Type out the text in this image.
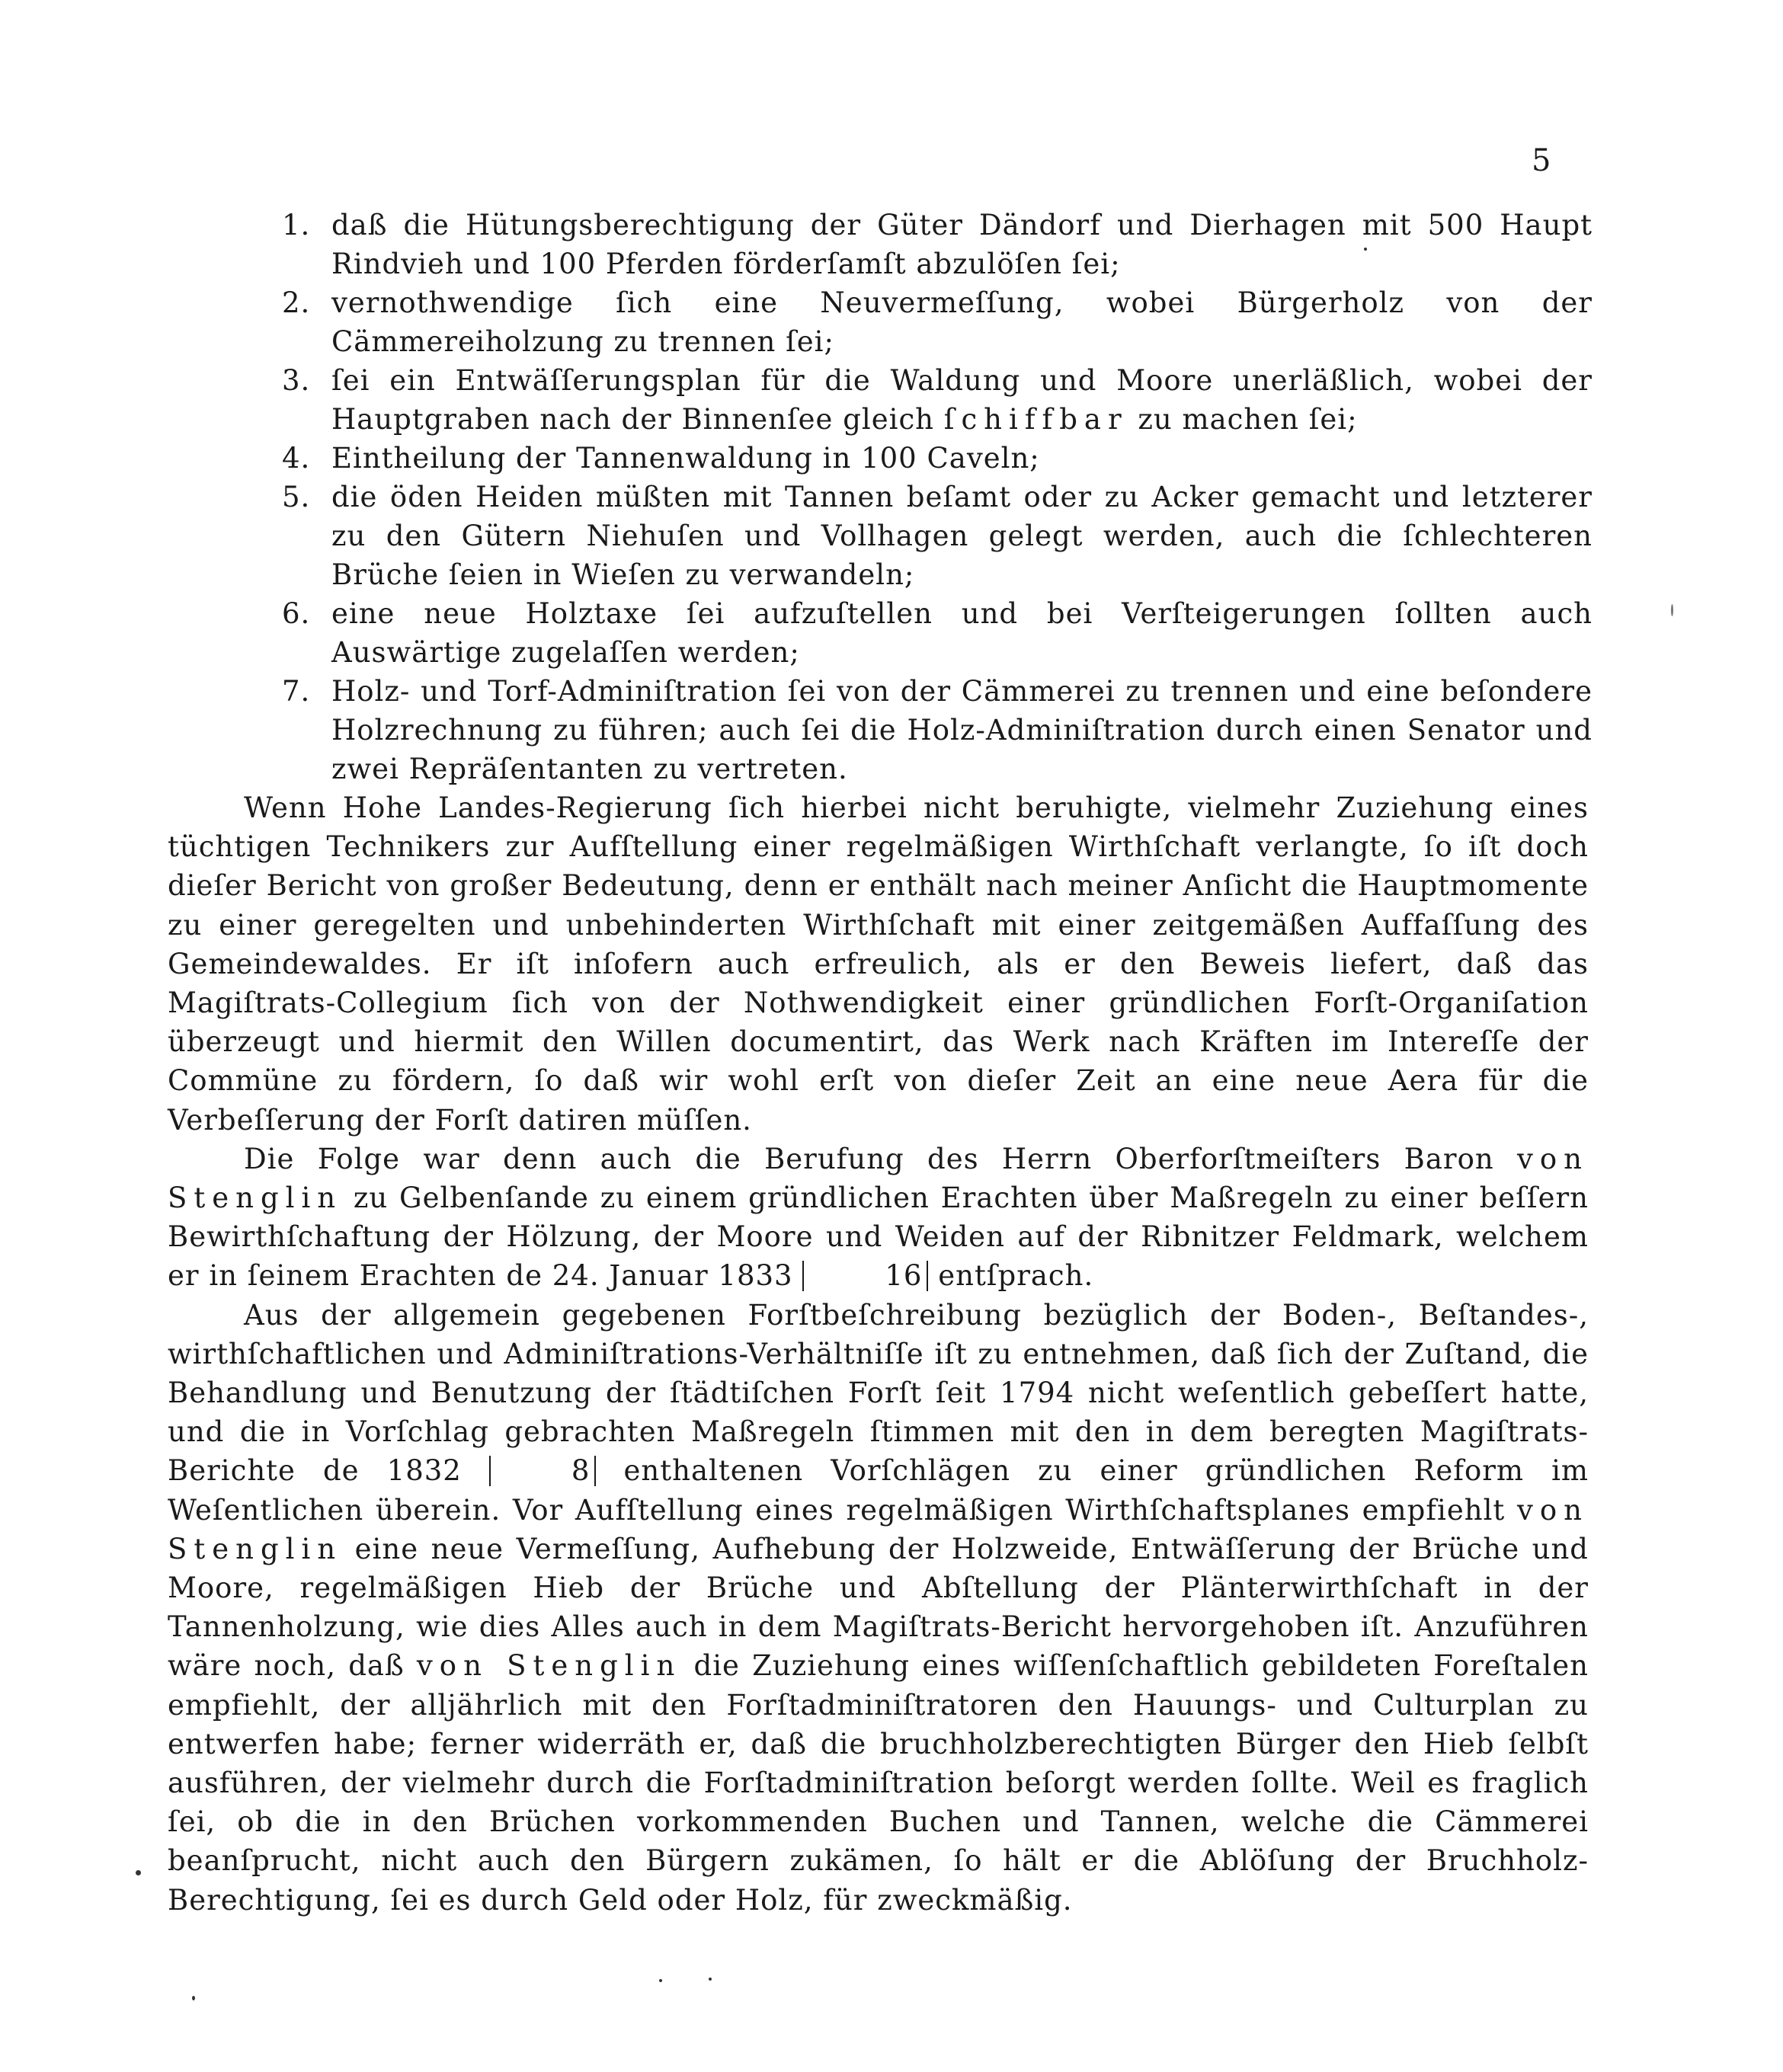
5
1. daß die Hütungsberechtigung der Güter Dändorf und Dierhagen mit 500 Haupt Rindvieh und 100 Pferden förderſamſt abzulöſen ſei;
2. vernothwendige ſich eine Neuvermeſſung, wobei Bürgerholz von der Cämmereiholzung zu trennen ſei;
3. ſei ein Entwäſſerungsplan für die Waldung und Moore unerläßlich, wobei der Hauptgraben nach der Binnenſee gleich ſchiffbar zu machen ſei;
4. Eintheilung der Tannenwaldung in 100 Caveln;
5. die öden Heiden müßten mit Tannen beſamt oder zu Acker gemacht und letzterer zu den Gütern Niehuſen und Vollhagen gelegt werden, auch die ſchlechteren Brüche ſeien in Wieſen zu verwandeln;
6. eine neue Holztaxe ſei aufzuſtellen und bei Verſteigerungen ſollten auch Auswärtige zugelaſſen werden;
7. Holz- und Torf-Adminiſtration ſei von der Cämmerei zu trennen und eine beſondere Holzrechnung zu führen; auch ſei die Holz-Adminiſtration durch einen Senator und zwei Repräſentanten zu vertreten.

Wenn Hohe Landes-Regierung ſich hierbei nicht beruhigte, vielmehr Zuziehung eines tüchtigen Technikers zur Aufſtellung einer regelmäßigen Wirthſchaft verlangte, ſo iſt doch dieſer Bericht von großer Bedeutung, denn er enthält nach meiner Anſicht die Hauptmomente zu einer geregelten und unbehinderten Wirthſchaft mit einer zeitgemäßen Auffaſſung des Gemeindewaldes. Er iſt inſofern auch erfreulich, als er den Beweis liefert, daß das Magiſtrats-Collegium ſich von der Nothwendigkeit einer gründlichen Forſt-Organiſation überzeugt und hiermit den Willen documentirt, das Werk nach Kräften im Intereſſe der Commüne zu fördern, ſo daß wir wohl erſt von dieſer Zeit an eine neue Aera für die Verbeſſerung der Forſt datiren müſſen.

Die Folge war denn auch die Berufung des Herrn Oberforſtmeiſters Baron von Stenglin zu Gelbenſande zu einem gründlichen Erachten über Maßregeln zu einer beſſern Bewirthſchaftung der Hölzung, der Moore und Weiden auf der Ribnitzer Feldmark, welchem er in ſeinem Erachten de 24. Januar 1833	16 entſprach.

Aus der allgemein gegebenen Forſtbeſchreibung bezüglich der Boden-, Beſtandes-, wirthſchaftlichen und Adminiſtrations-Verhältniſſe iſt zu entnehmen, daß ſich der Zuſtand, die Behandlung und Benutzung der ſtädtiſchen Forſt ſeit 1794 nicht weſentlich gebeſſert hatte, und die in Vorſchlag gebrachten Maßregeln ſtimmen mit den in dem beregten Magiſtrats-Berichte de 1832	8 enthaltenen Vorſchlägen zu einer gründlichen Reform im Weſentlichen überein. Vor Aufſtellung eines regelmäßigen Wirthſchaftsplanes empfiehlt von Stenglin eine neue Vermeſſung, Aufhebung der Holzweide, Entwäſſerung der Brüche und Moore, regelmäßigen Hieb der Brüche und Abſtellung der Plänterwirthſchaft in der Tannenholzung, wie dies Alles auch in dem Magiſtrats-Bericht hervorgehoben iſt. Anzuführen wäre noch, daß von Stenglin die Zuziehung eines wiſſenſchaftlich gebildeten Foreſtalen empfiehlt, der alljährlich mit den Forſtadminiſtratoren den Hauungs- und Culturplan zu entwerfen habe; ferner widerräth er, daß die bruchholzberechtigten Bürger den Hieb ſelbſt ausführen, der vielmehr durch die Forſtadminiſtration beſorgt werden ſollte. Weil es fraglich ſei, ob die in den Brüchen vorkommenden Buchen und Tannen, welche die Cämmerei beanſprucht, nicht auch den Bürgern zukämen, ſo hält er die Ablöſung der Bruchholz-Berechtigung, ſei es durch Geld oder Holz, für zweckmäßig.
